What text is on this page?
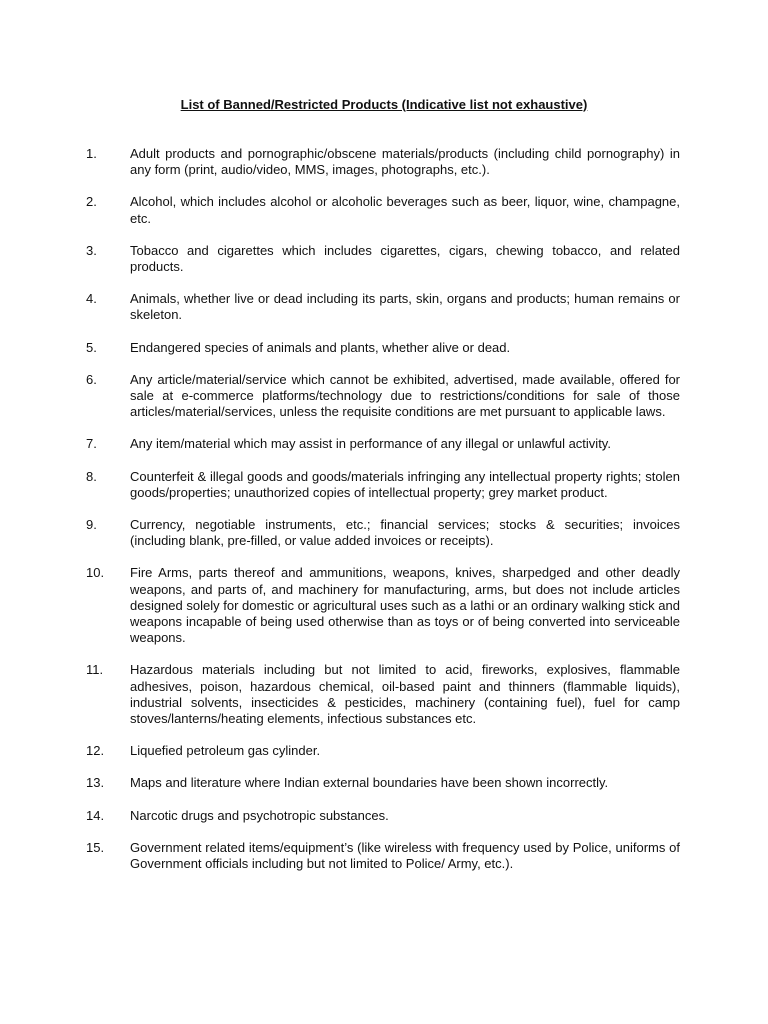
List of Banned/Restricted Products (Indicative list not exhaustive)
1.	Adult products and pornographic/obscene materials/products (including child pornography) in any form (print, audio/video, MMS, images, photographs, etc.).
2.	Alcohol, which includes alcohol or alcoholic beverages such as beer, liquor, wine, champagne, etc.
3.	Tobacco and cigarettes which includes cigarettes, cigars, chewing tobacco, and related products.
4.	Animals, whether live or dead including its parts, skin, organs and products; human remains or skeleton.
5.	Endangered species of animals and plants, whether alive or dead.
6.	Any article/material/service which cannot be exhibited, advertised, made available, offered for sale at e-commerce platforms/technology due to restrictions/conditions for sale of those articles/material/services, unless the requisite conditions are met pursuant to applicable laws.
7.	Any item/material which may assist in performance of any illegal or unlawful activity.
8.	Counterfeit & illegal goods and goods/materials infringing any intellectual property rights; stolen goods/properties; unauthorized copies of intellectual property; grey market product.
9.	Currency, negotiable instruments, etc.; financial services; stocks & securities; invoices (including blank, pre-filled, or value added invoices or receipts).
10. Fire Arms, parts thereof and ammunitions, weapons, knives, sharpedged and other deadly weapons, and parts of, and machinery for manufacturing, arms, but does not include articles designed solely for domestic or agricultural uses such as a lathi or an ordinary walking stick and weapons incapable of being used otherwise than as toys or of being converted into serviceable weapons.
11. Hazardous materials including but not limited to acid, fireworks, explosives, flammable adhesives, poison, hazardous chemical, oil-based paint and thinners (flammable liquids), industrial solvents, insecticides & pesticides, machinery (containing fuel), fuel for camp stoves/lanterns/heating elements, infectious substances etc.
12. Liquefied petroleum gas cylinder.
13. Maps and literature where Indian external boundaries have been shown incorrectly.
14. Narcotic drugs and psychotropic substances.
15. Government related items/equipment’s (like wireless with frequency used by Police, uniforms of Government officials including but not limited to Police/ Army, etc.).
